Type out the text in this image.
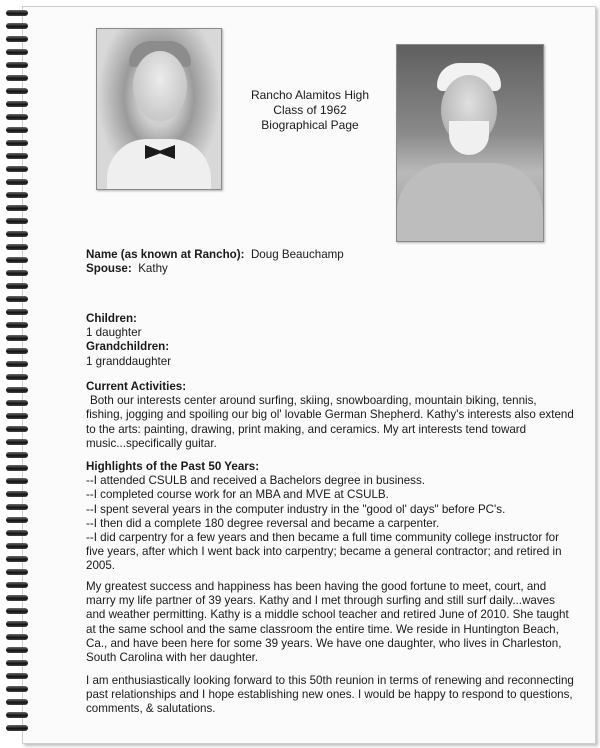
Rancho Alamitos High
Class of 1962
Biographical Page

Name (as known at Rancho): Doug Beauchamp

Spouse: Kathy

Children:

1 daughter

Grandchildren:

1 granddaughter

Current Activities:

Both our interests center around surfing, skiing, snowboarding, mountain biking, tennis, fishing, jogging and spoiling our big ol' lovable German Shepherd. Kathy's interests also extend to the arts: painting, drawing, print making, and ceramics. My art interests tend toward music...specifically guitar.

Highlights of the Past 50 Years:

--I attended CSULB and received a Bachelors degree in business.

--I completed course work for an MBA and MVE at CSULB.

--I spent several years in the computer industry in the "good ol' days" before PC's.

--I then did a complete 180 degree reversal and became a carpenter.

--I did carpentry for a few years and then became a full time community college instructor for five years, after which I went back into carpentry; became a general contractor; and retired in 2005.

My greatest success and happiness has been having the good fortune to meet, court, and marry my life partner of 39 years. Kathy and I met through surfing and still surf daily...waves and weather permitting. Kathy is a middle school teacher and retired June of 2010. She taught at the same school and the same classroom the entire time. We reside in Huntington Beach, Ca., and have been here for some 39 years. We have one daughter, who lives in Charleston, South Carolina with her daughter.

I am enthusiastically looking forward to this 50th reunion in terms of renewing and reconnecting past relationships and I hope establishing new ones. I would be happy to respond to questions, comments, & salutations.
